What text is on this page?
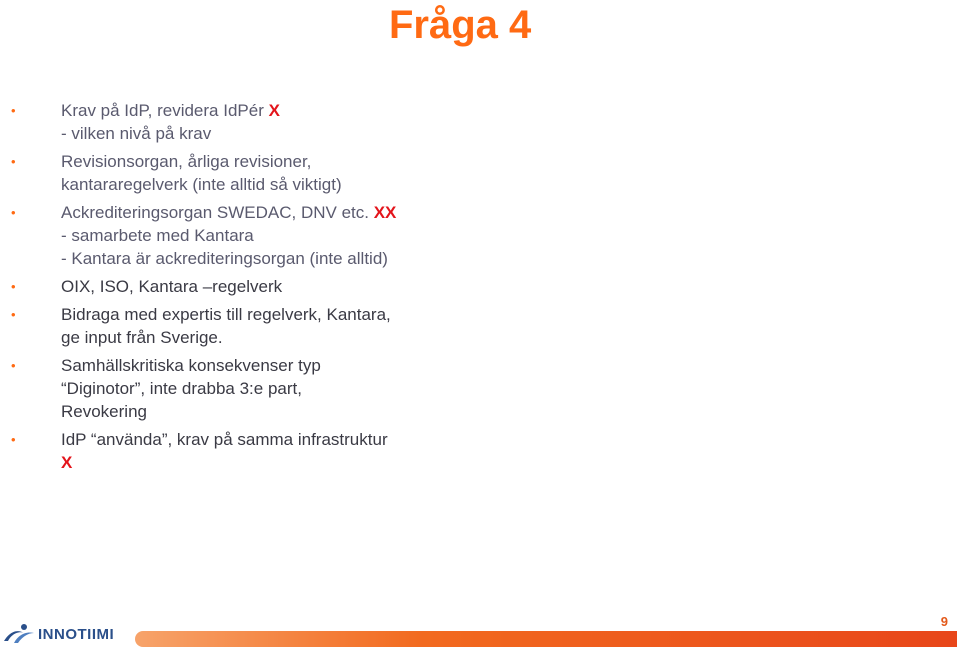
Fråga 4
•	Krav på IdP, revidera IdPér X
- vilken nivå på krav
•	Revisionsorgan, årliga revisioner,
kantararegelverk (inte alltid så viktigt)
•	Ackrediteringsorgan SWEDAC, DNV etc. XX
- samarbete med Kantara
- Kantara är ackrediteringsorgan (inte alltid)
•	OIX, ISO, Kantara –regelverk
•	Bidraga med expertis till regelverk, Kantara,
ge input från Sverige.
•	Samhällskritiska konsekvenser typ
“Diginotor”, inte drabba 3:e part,
Revokering
•	IdP “använda”, krav på samma infrastruktur
X
INNOTIIMI
9
